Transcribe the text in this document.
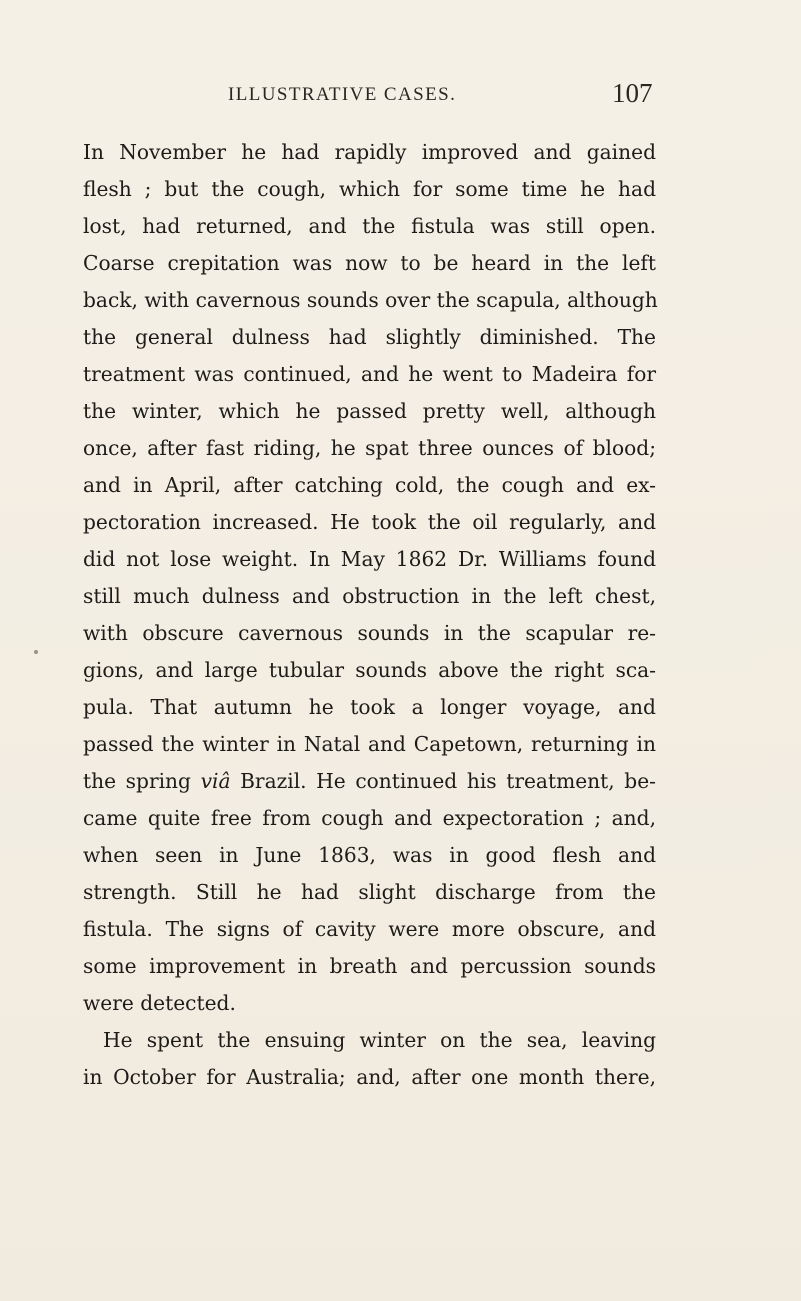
ILLUSTRATIVE CASES.	107
In November he had rapidly improved and gained
flesh ; but the cough, which for some time he had
lost, had returned, and the fistula was still open.
Coarse crepitation was now to be heard in the left
back, with cavernous sounds over the scapula, although
the general dulness had slightly diminished. The
treatment was continued, and he went to Madeira for
the winter, which he passed pretty well, although
once, after fast riding, he spat three ounces of blood;
and in April, after catching cold, the cough and ex-
pectoration increased. He took the oil regularly, and
did not lose weight. In May 1862 Dr. Williams found
still much dulness and obstruction in the left chest,
with obscure cavernous sounds in the scapular re-
gions, and large tubular sounds above the right sca-
pula. That autumn he took a longer voyage, and
passed the winter in Natal and Capetown, returning in
the spring viâ Brazil. He continued his treatment, be-
came quite free from cough and expectoration ; and,
when seen in June 1863, was in good flesh and
strength. Still he had slight discharge from the
fistula. The signs of cavity were more obscure, and
some improvement in breath and percussion sounds
were detected.
He spent the ensuing winter on the sea, leaving
in October for Australia; and, after one month there,
